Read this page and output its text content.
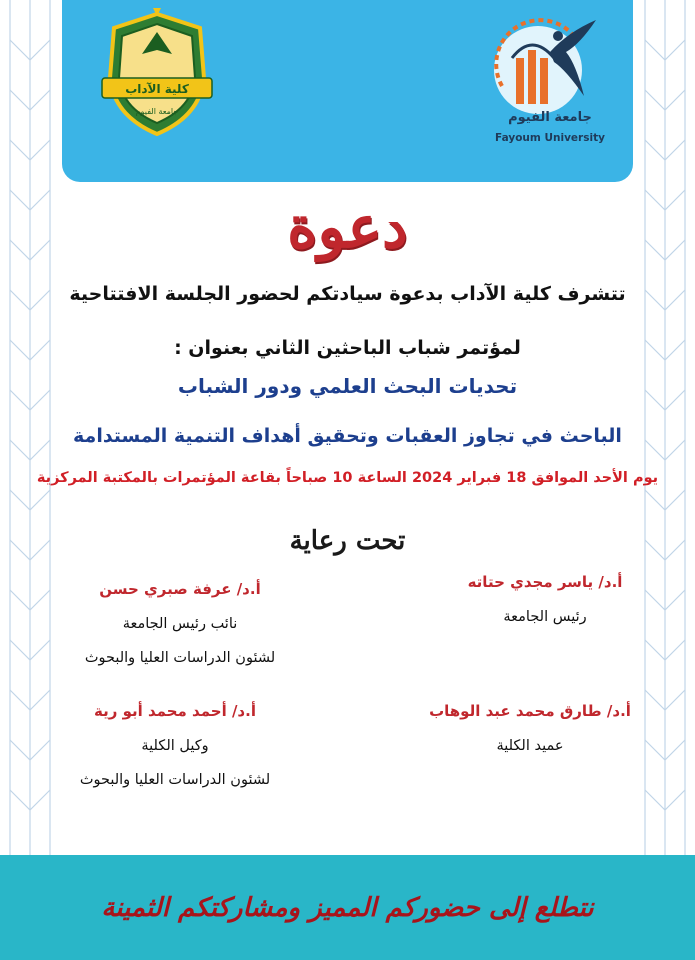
كلية الآداب
جامعة الفيوم	جامعة الفيوم
Fayoum University
دعوة
تتشرف كلية الآداب بدعوة سيادتكم لحضور الجلسة الافتتاحية
لمؤتمر شباب الباحثين الثاني بعنوان :
تحديات البحث العلمي ودور الشباب
الباحث في تجاوز العقبات وتحقيق أهداف التنمية المستدامة
يوم الأحد الموافق 18 فبراير 2024 الساعة 10 صباحاً بقاعة المؤتمرات بالمكتبة المركزية
تحت رعاية
أ.د/ ياسر مجدي حتاته
رئيس الجامعة
أ.د/ عرفة صبري حسن
نائب رئيس الجامعة
لشئون الدراسات العليا والبحوث
أ.د/ طارق محمد عبد الوهاب
عميد الكلية
أ.د/ أحمد محمد أبو رية
وكيل الكلية
لشئون الدراسات العليا والبحوث
نتطلع إلى حضوركم المميز ومشاركتكم الثمينة
